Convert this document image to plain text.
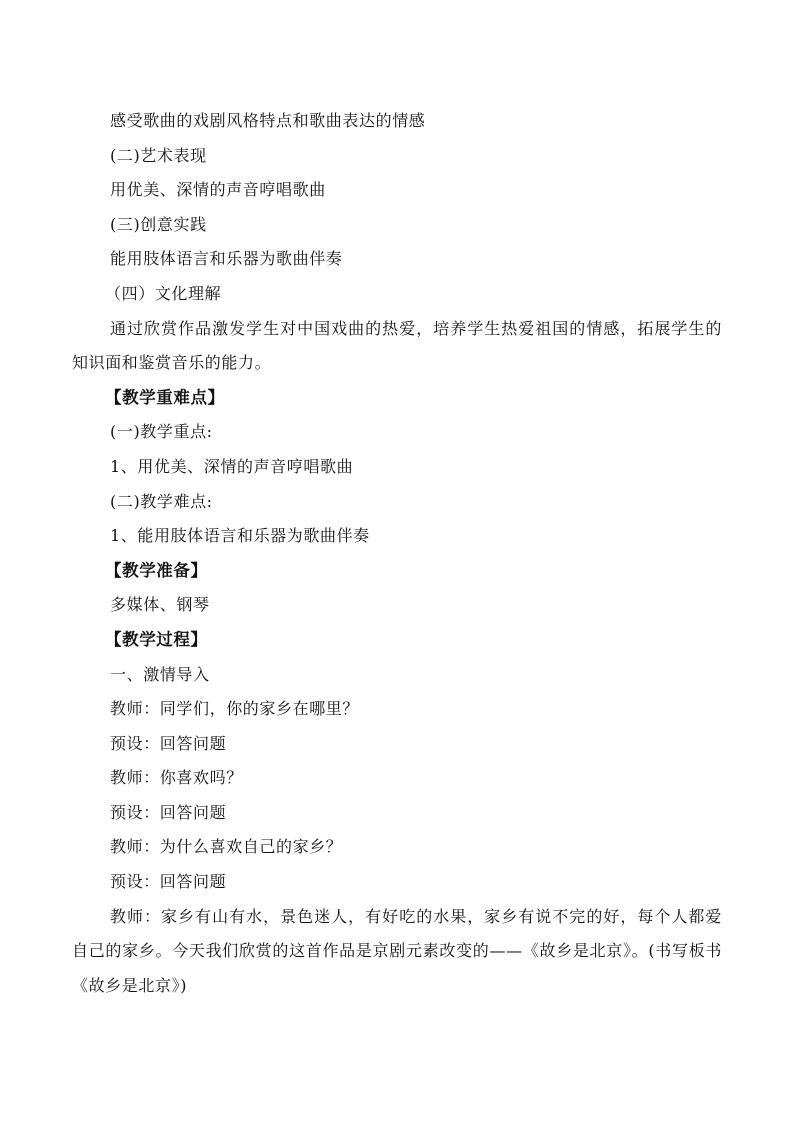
感受歌曲的戏剧风格特点和歌曲表达的情感
(二)艺术表现
用优美、深情的声音哼唱歌曲
(三)创意实践
能用肢体语言和乐器为歌曲伴奏
（四）文化理解
通过欣赏作品激发学生对中国戏曲的热爱，培养学生热爱祖国的情感，拓展学生的知识面和鉴赏音乐的能力。
【教学重难点】
(一)教学重点:
1、用优美、深情的声音哼唱歌曲
(二)教学难点:
1、能用肢体语言和乐器为歌曲伴奏
【教学准备】
多媒体、钢琴
【教学过程】
一、激情导入
教师：同学们，你的家乡在哪里？
预设：回答问题
教师：你喜欢吗？
预设：回答问题
教师：为什么喜欢自己的家乡？
预设：回答问题
教师：家乡有山有水，景色迷人，有好吃的水果，家乡有说不完的好，每个人都爱自己的家乡。今天我们欣赏的这首作品是京剧元素改变的——《故乡是北京》。(书写板书《故乡是北京》)
